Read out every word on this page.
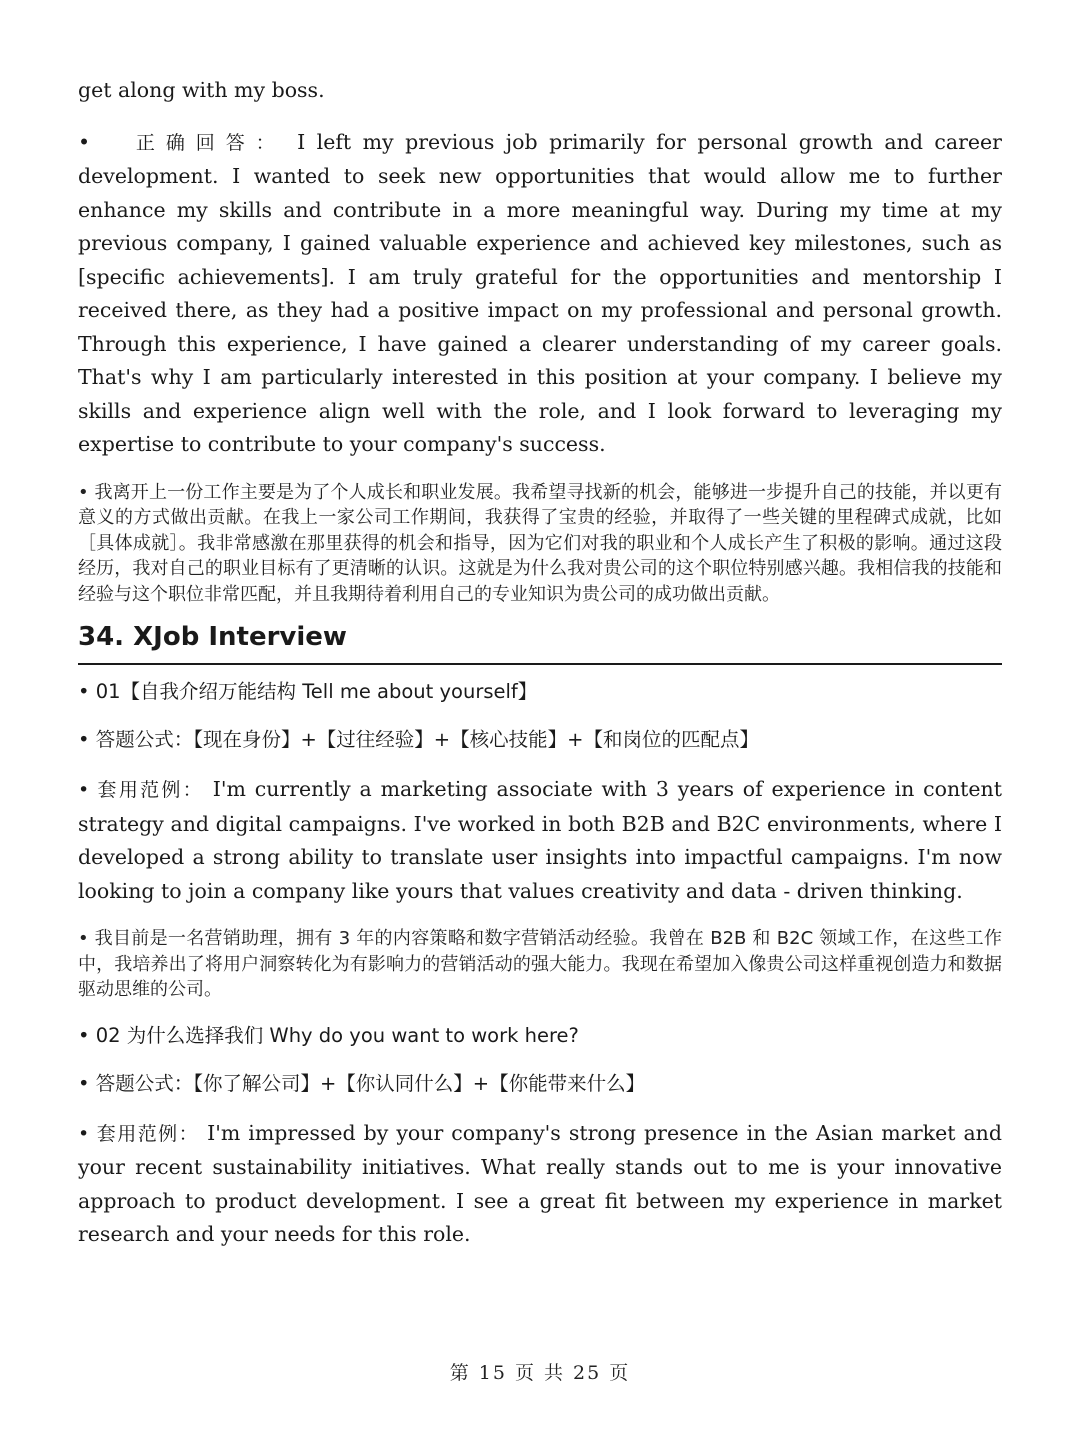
get along with my boss.

• 正确回答： I left my previous job primarily for personal growth and career development. I wanted to seek new opportunities that would allow me to further enhance my skills and contribute in a more meaningful way. During my time at my previous company, I gained valuable experience and achieved key milestones, such as [specific achievements]. I am truly grateful for the opportunities and mentorship I received there, as they had a positive impact on my professional and personal growth. Through this experience, I have gained a clearer understanding of my career goals. That's why I am particularly interested in this position at your company. I believe my skills and experience align well with the role, and I look forward to leveraging my expertise to contribute to your company's success.

• 我离开上一份工作主要是为了个人成长和职业发展。我希望寻找新的机会，能够进一步提升自己的技能，并以更有意义的方式做出贡献。在我上一家公司工作期间，我获得了宝贵的经验，并取得了一些关键的里程碑式成就，比如［具体成就］。我非常感激在那里获得的机会和指导，因为它们对我的职业和个人成长产生了积极的影响。通过这段经历，我对自己的职业目标有了更清晰的认识。这就是为什么我对贵公司的这个职位特别感兴趣。我相信我的技能和经验与这个职位非常匹配，并且我期待着利用自己的专业知识为贵公司的成功做出贡献。

34. XJob Interview

• 01【自我介绍万能结构 Tell me about yourself】

• 答题公式：【现在身份】+【过往经验】+【核心技能】+【和岗位的匹配点】

• 套用范例： I'm currently a marketing associate with 3 years of experience in content strategy and digital campaigns. I've worked in both B2B and B2C environments, where I developed a strong ability to translate user insights into impactful campaigns. I'm now looking to join a company like yours that values creativity and data - driven thinking.

• 我目前是一名营销助理，拥有 3 年的内容策略和数字营销活动经验。我曾在 B2B 和 B2C 领域工作，在这些工作中，我培养出了将用户洞察转化为有影响力的营销活动的强大能力。我现在希望加入像贵公司这样重视创造力和数据驱动思维的公司。

• 02 为什么选择我们 Why do you want to work here?

• 答题公式：【你了解公司】+【你认同什么】+【你能带来什么】

• 套用范例： I'm impressed by your company's strong presence in the Asian market and your recent sustainability initiatives. What really stands out to me is your innovative approach to product development. I see a great fit between my experience in market research and your needs for this role.

第 15 页 共 25 页
